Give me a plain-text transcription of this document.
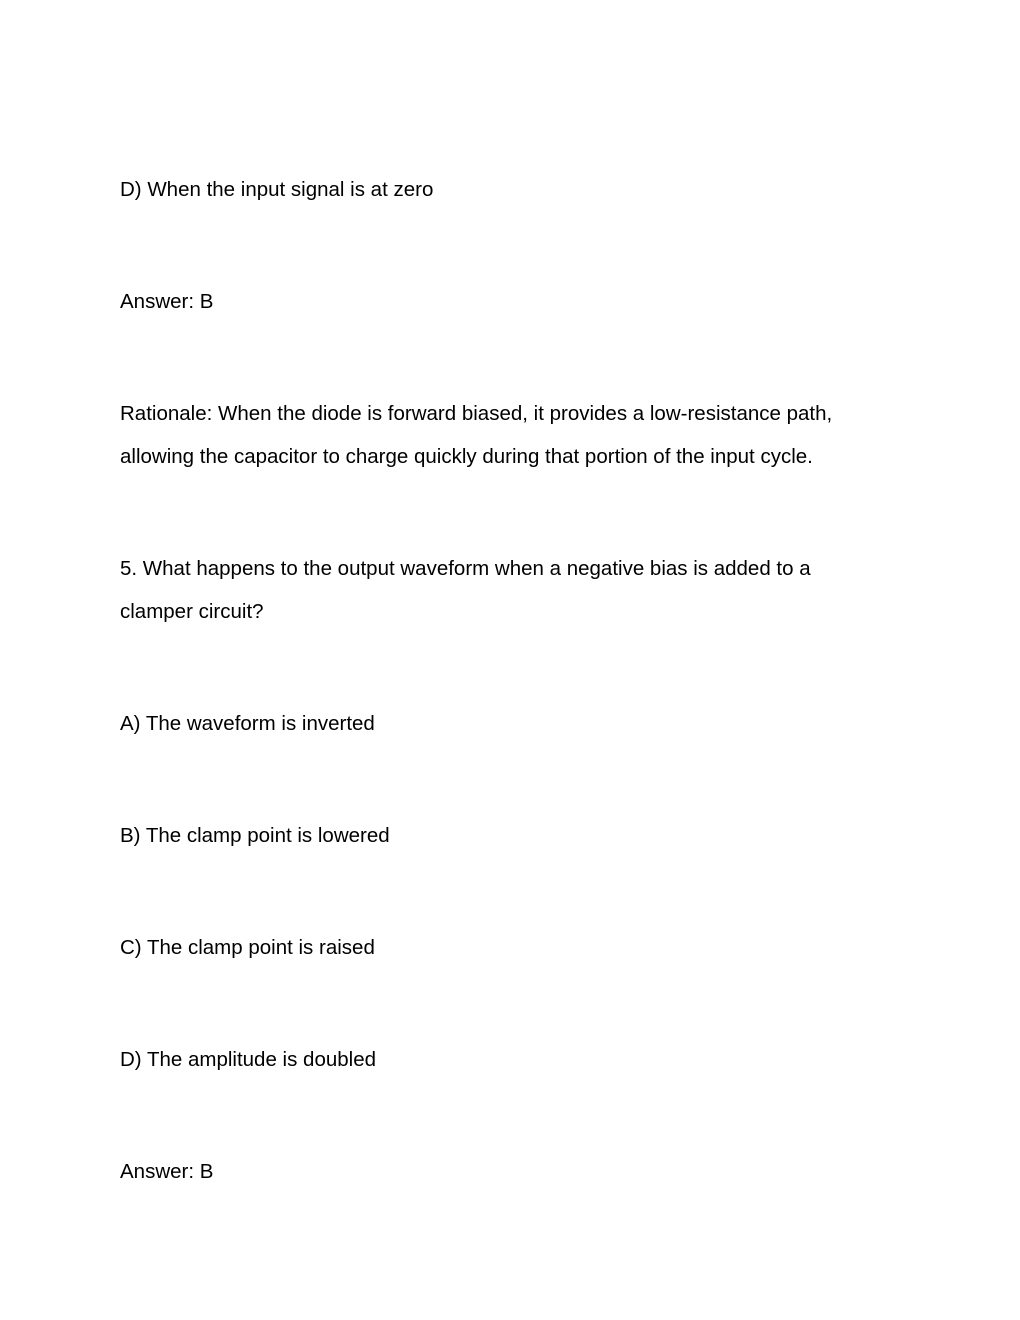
D) When the input signal is at zero

Answer: B

Rationale: When the diode is forward biased, it provides a low-resistance path,

allowing the capacitor to charge quickly during that portion of the input cycle.

5. What happens to the output waveform when a negative bias is added to a

clamper circuit?

A) The waveform is inverted

B) The clamp point is lowered

C) The clamp point is raised

D) The amplitude is doubled

Answer: B
